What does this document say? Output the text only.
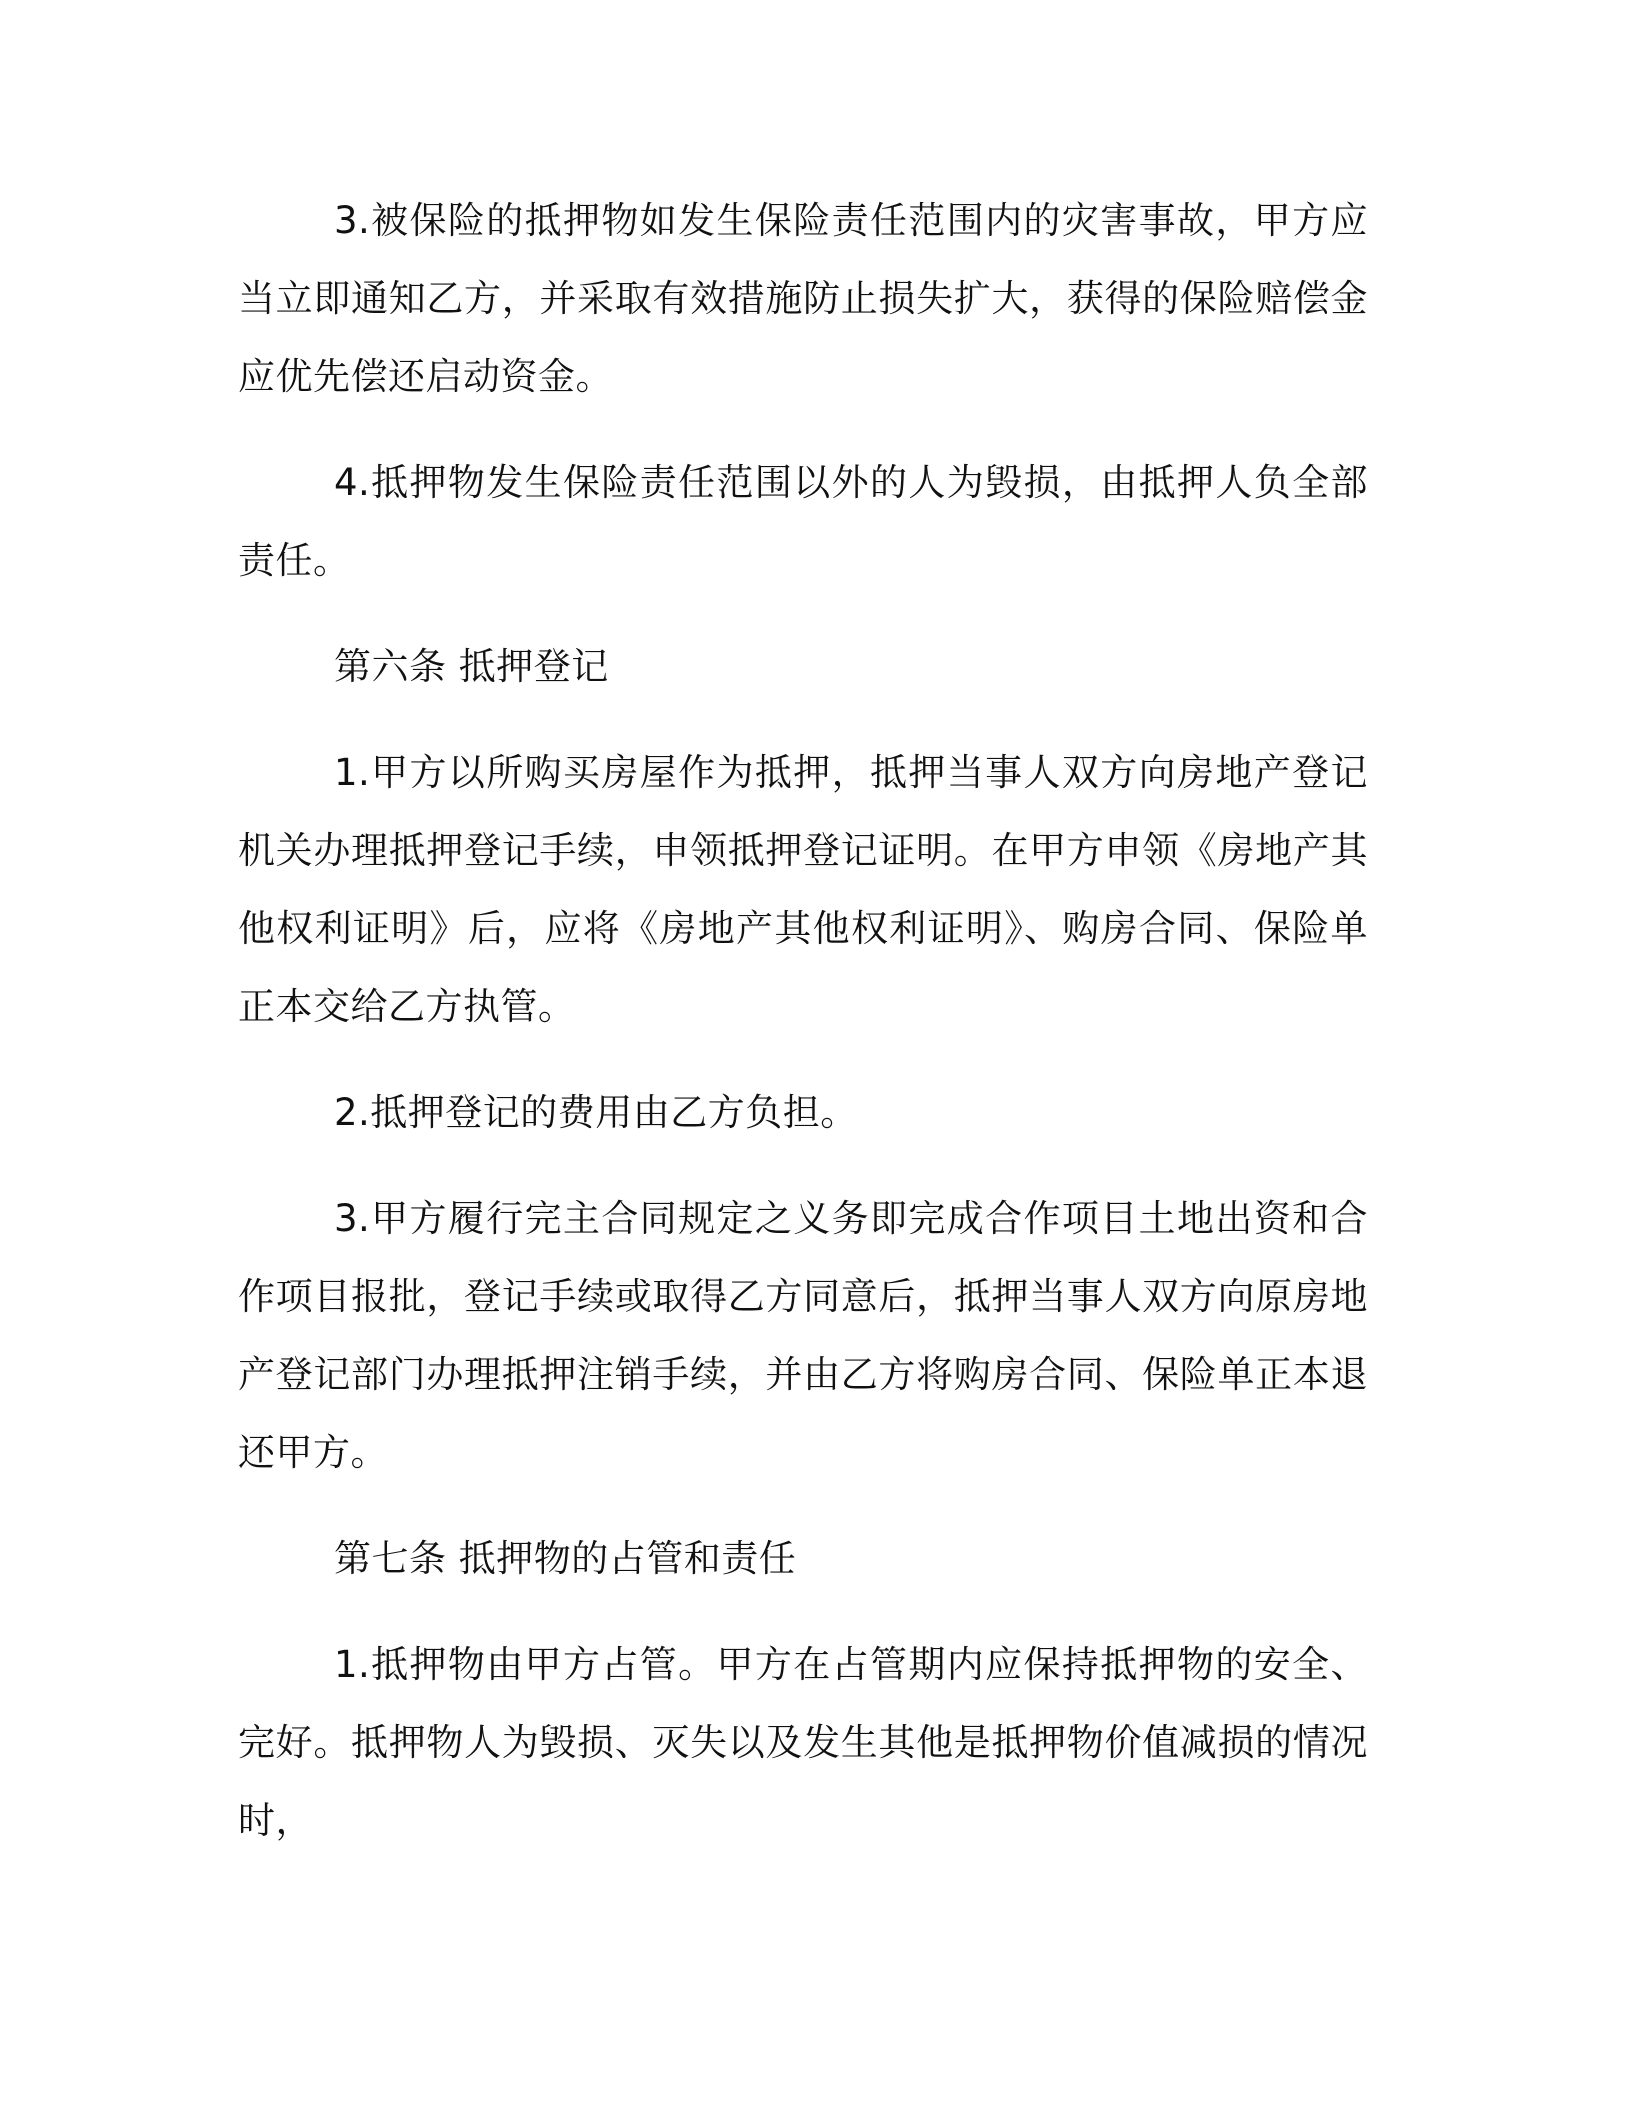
3.被保险的抵押物如发生保险责任范围内的灾害事故，甲方应当立即通知乙方，并采取有效措施防止损失扩大，获得的保险赔偿金应优先偿还启动资金。

4.抵押物发生保险责任范围以外的人为毁损，由抵押人负全部责任。

第六条 抵押登记

1.甲方以所购买房屋作为抵押，抵押当事人双方向房地产登记机关办理抵押登记手续，申领抵押登记证明。在甲方申领《房地产其他权利证明》后，应将《房地产其他权利证明》、购房合同、保险单正本交给乙方执管。

2.抵押登记的费用由乙方负担。

3.甲方履行完主合同规定之义务即完成合作项目土地出资和合作项目报批，登记手续或取得乙方同意后，抵押当事人双方向原房地产登记部门办理抵押注销手续，并由乙方将购房合同、保险单正本退还甲方。

第七条 抵押物的占管和责任

1.抵押物由甲方占管。甲方在占管期内应保持抵押物的安全、完好。抵押物人为毁损、灭失以及发生其他是抵押物价值减损的情况时，
